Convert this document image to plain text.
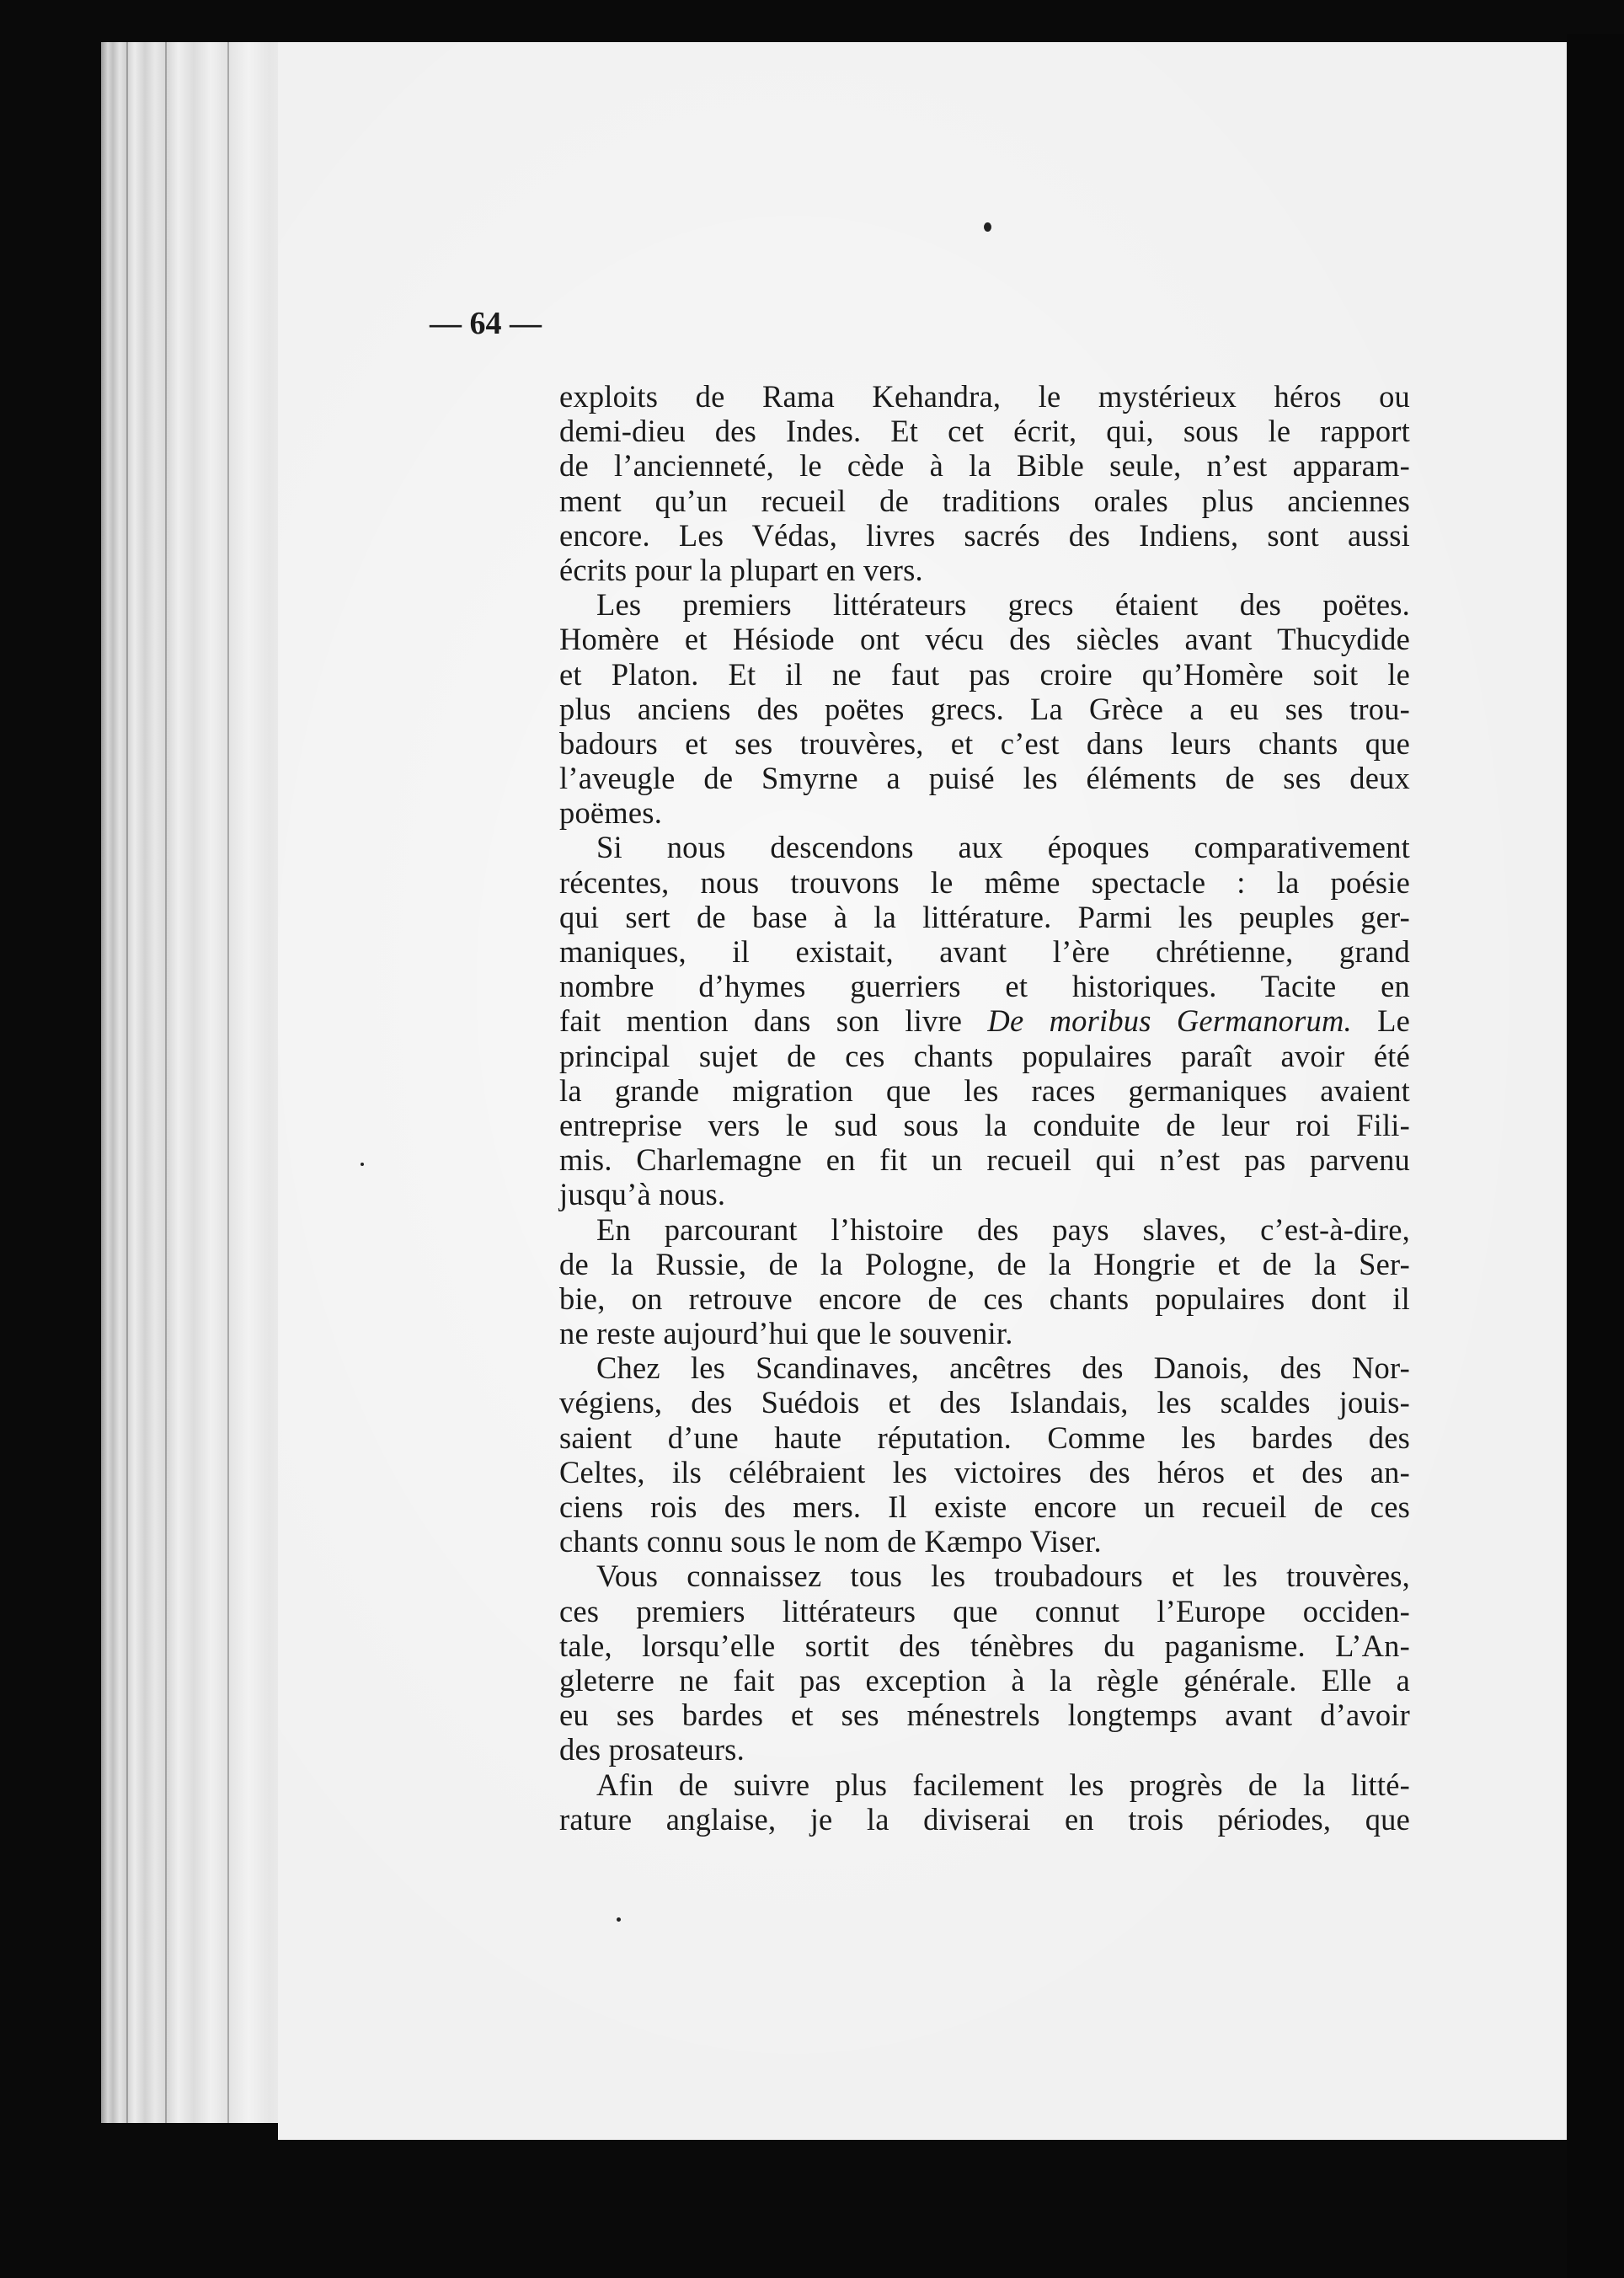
— 64 —
exploits de Rama Kehandra, le mystérieux héros ou
demi-dieu des Indes. Et cet écrit, qui, sous le rapport
de l’ancienneté, le cède à la Bible seule, n’est apparam-
ment qu’un recueil de traditions orales plus anciennes
encore. Les Védas, livres sacrés des Indiens, sont aussi
écrits pour la plupart en vers.
Les premiers littérateurs grecs étaient des poëtes.
Homère et Hésiode ont vécu des siècles avant Thucydide
et Platon. Et il ne faut pas croire qu’Homère soit le
plus anciens des poëtes grecs. La Grèce a eu ses trou-
badours et ses trouvères, et c’est dans leurs chants que
l’aveugle de Smyrne a puisé les éléments de ses deux
poëmes.
Si nous descendons aux époques comparativement
récentes, nous trouvons le même spectacle : la poésie
qui sert de base à la littérature. Parmi les peuples ger-
maniques, il existait, avant l’ère chrétienne, grand
nombre d’hymes guerriers et historiques. Tacite en
fait mention dans son livre De moribus Germanorum. Le
principal sujet de ces chants populaires paraît avoir été
la grande migration que les races germaniques avaient
entreprise vers le sud sous la conduite de leur roi Fili-
mis. Charlemagne en fit un recueil qui n’est pas parvenu
jusqu’à nous.
En parcourant l’histoire des pays slaves, c’est-à-dire,
de la Russie, de la Pologne, de la Hongrie et de la Ser-
bie, on retrouve encore de ces chants populaires dont il
ne reste aujourd’hui que le souvenir.
Chez les Scandinaves, ancêtres des Danois, des Nor-
végiens, des Suédois et des Islandais, les scaldes jouis-
saient d’une haute réputation. Comme les bardes des
Celtes, ils célébraient les victoires des héros et des an-
ciens rois des mers. Il existe encore un recueil de ces
chants connu sous le nom de Kæmpo Viser.
Vous connaissez tous les troubadours et les trouvères,
ces premiers littérateurs que connut l’Europe occiden-
tale, lorsqu’elle sortit des ténèbres du paganisme. L’An-
gleterre ne fait pas exception à la règle générale. Elle a
eu ses bardes et ses ménestrels longtemps avant d’avoir
des prosateurs.
Afin de suivre plus facilement les progrès de la litté-
rature anglaise, je la diviserai en trois périodes, que
